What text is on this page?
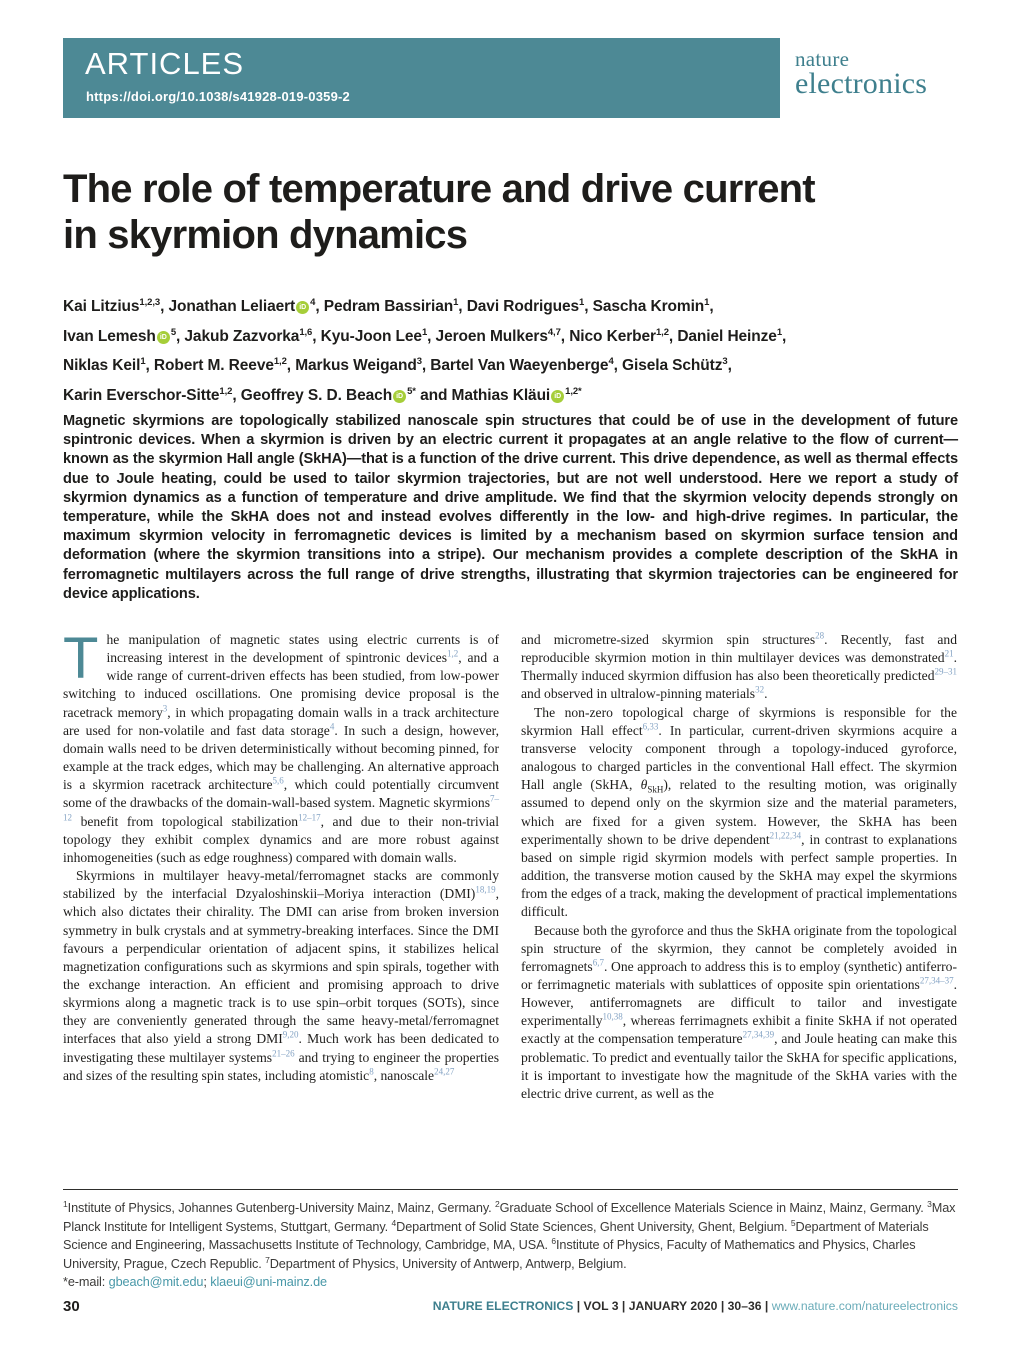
ARTICLES
https://doi.org/10.1038/s41928-019-0359-2
nature
electronics
The role of temperature and drive current
in skyrmion dynamics
Kai Litzius$^{1,2,3}$, Jonathan Leliaert iD $^4$, Pedram Bassirian$^1$, Davi Rodrigues$^1$, Sascha Kromin$^1$,
Ivan Lemesh iD $^5$, Jakub Zazvorka$^{1,6}$, Kyu-Joon Lee$^1$, Jeroen Mulkers$^{4,7}$, Nico Kerber$^{1,2}$, Daniel Heinze$^1$,
Niklas Keil$^1$, Robert M. Reeve$^{1,2}$, Markus Weigand$^3$, Bartel Van Waeyenberge$^4$, Gisela Schütz$^3$,
Karin Everschor-Sitte$^{1,2}$, Geoffrey S. D. Beach iD $^{5*}$ and Mathias Kläui iD $^{1,2*}$
Magnetic skyrmions are topologically stabilized nanoscale spin structures that could be of use in the development of future spintronic devices. When a skyrmion is driven by an electric current it propagates at an angle relative to the flow of current—known as the skyrmion Hall angle (SkHA)—that is a function of the drive current. This drive dependence, as well as thermal effects due to Joule heating, could be used to tailor skyrmion trajectories, but are not well understood. Here we report a study of skyrmion dynamics as a function of temperature and drive amplitude. We find that the skyrmion velocity depends strongly on temperature, while the SkHA does not and instead evolves differently in the low- and high-drive regimes. In particular, the maximum skyrmion velocity in ferromagnetic devices is limited by a mechanism based on skyrmion surface tension and deformation (where the skyrmion transitions into a stripe). Our mechanism provides a complete description of the SkHA in ferromagnetic multilayers across the full range of drive strengths, illustrating that skyrmion trajectories can be engineered for device applications.

The manipulation of magnetic states using electric currents is of increasing interest in the development of spintronic devices$^{1,2}$, and a wide range of current-driven effects has been studied, from low-power switching to induced oscillations. One promising device proposal is the racetrack memory$^3$, in which propagating domain walls in a track architecture are used for non-volatile and fast data storage$^4$. In such a design, however, domain walls need to be driven deterministically without becoming pinned, for example at the track edges, which may be challenging. An alternative approach is a skyrmion racetrack architecture$^{5,6}$, which could potentially circumvent some of the drawbacks of the domain-wall-based system. Magnetic skyrmions$^{7-12}$ benefit from topological stabilization$^{12-17}$, and due to their non-trivial topology they exhibit complex dynamics and are more robust against inhomogeneities (such as edge roughness) compared with domain walls.

Skyrmions in multilayer heavy-metal/ferromagnet stacks are commonly stabilized by the interfacial Dzyaloshinskii–Moriya interaction (DMI)$^{18,19}$, which also dictates their chirality. The DMI can arise from broken inversion symmetry in bulk crystals and at symmetry-breaking interfaces. Since the DMI favours a perpendicular orientation of adjacent spins, it stabilizes helical magnetization configurations such as skyrmions and spin spirals, together with the exchange interaction. An efficient and promising approach to drive skyrmions along a magnetic track is to use spin–orbit torques (SOTs), since they are conveniently generated through the same heavy-metal/ferromagnet interfaces that also yield a strong DMI$^{9,20}$. Much work has been dedicated to investigating these multilayer systems$^{21-26}$ and trying to engineer the properties and sizes of the resulting spin states, including atomistic$^8$, nanoscale$^{24,27}$

and micrometre-sized skyrmion spin structures$^{28}$. Recently, fast and reproducible skyrmion motion in thin multilayer devices was demonstrated$^{21}$. Thermally induced skyrmion diffusion has also been theoretically predicted$^{29-31}$ and observed in ultralow-pinning materials$^{32}$.

The non-zero topological charge of skyrmions is responsible for the skyrmion Hall effect$^{6,33}$. In particular, current-driven skyrmions acquire a transverse velocity component through a topology-induced gyroforce, analogous to charged particles in the conventional Hall effect. The skyrmion Hall angle (SkHA, $\theta_{SkH}$), related to the resulting motion, was originally assumed to depend only on the skyrmion size and the material parameters, which are fixed for a given system. However, the SkHA has been experimentally shown to be drive dependent$^{21,22,34}$, in contrast to explanations based on simple rigid skyrmion models with perfect sample properties. In addition, the transverse motion caused by the SkHA may expel the skyrmions from the edges of a track, making the development of practical implementations difficult.

Because both the gyroforce and thus the SkHA originate from the topological spin structure of the skyrmion, they cannot be completely avoided in ferromagnets$^{6,7}$. One approach to address this is to employ (synthetic) antiferro- or ferrimagnetic materials with sublattices of opposite spin orientations$^{27,34-37}$. However, antiferromagnets are difficult to tailor and investigate experimentally$^{10,38}$, whereas ferrimagnets exhibit a finite SkHA if not operated exactly at the compensation temperature$^{27,34,39}$, and Joule heating can make this problematic. To predict and eventually tailor the SkHA for specific applications, it is important to investigate how the magnitude of the SkHA varies with the electric drive current, as well as the

$^1$Institute of Physics, Johannes Gutenberg-University Mainz, Mainz, Germany. $^2$Graduate School of Excellence Materials Science in Mainz, Mainz, Germany. $^3$Max Planck Institute for Intelligent Systems, Stuttgart, Germany. $^4$Department of Solid State Sciences, Ghent University, Ghent, Belgium. $^5$Department of Materials Science and Engineering, Massachusetts Institute of Technology, Cambridge, MA, USA. $^6$Institute of Physics, Faculty of Mathematics and Physics, Charles University, Prague, Czech Republic. $^7$Department of Physics, University of Antwerp, Antwerp, Belgium.
*e-mail: gbeach@mit.edu; klaeui@uni-mainz.de
30	NATURE ELECTRONICS | VOL 3 | JANUARY 2020 | 30–36 | www.nature.com/natureelectronics
